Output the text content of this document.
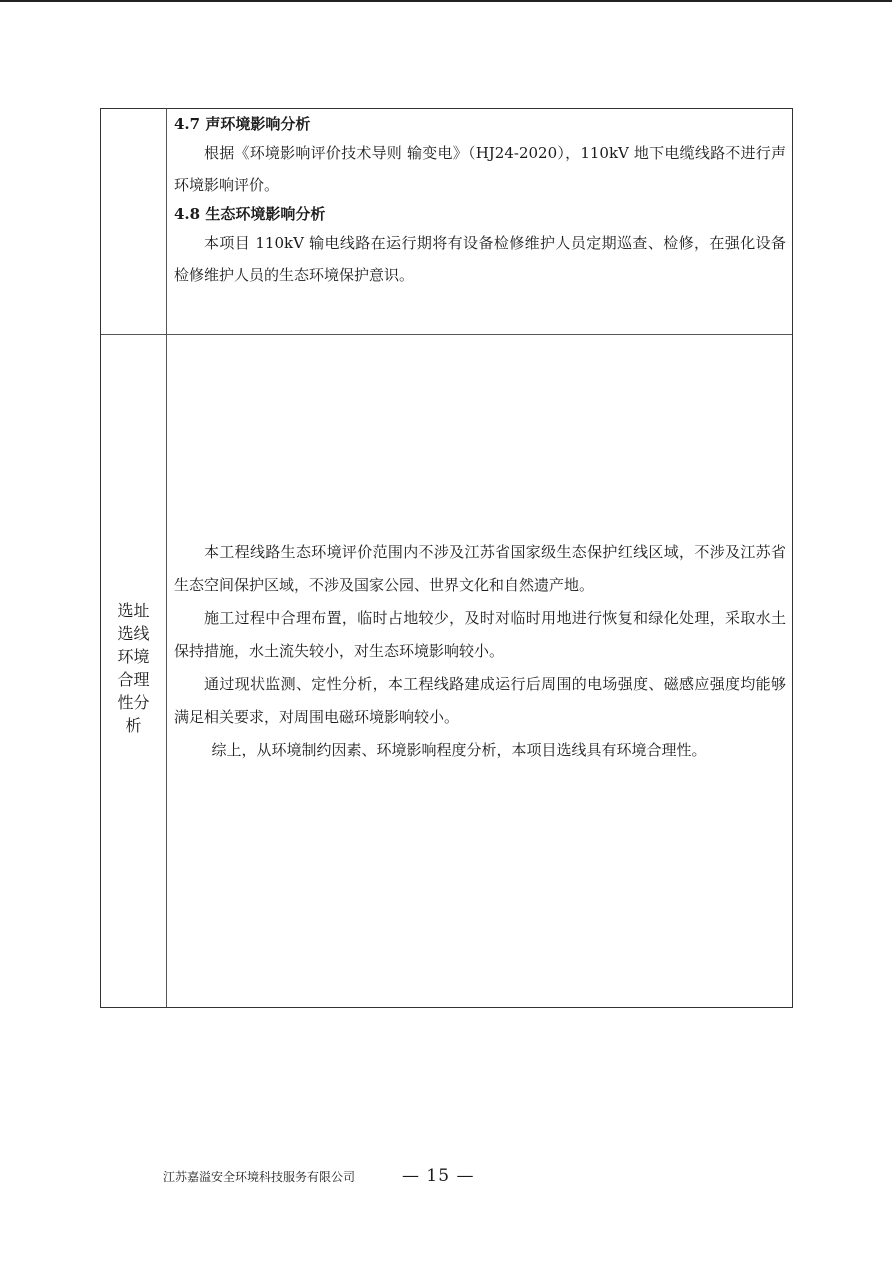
4.7 声环境影响分析

根据《环境影响评价技术导则 输变电》（HJ24-2020），110kV 地下电缆线路不进行声环境影响评价。

4.8 生态环境影响分析

本项目 110kV 输电线路在运行期将有设备检修维护人员定期巡查、检修，在强化设备检修维护人员的生态环境保护意识。

选址
选线
环境
合理
性分
析

本工程线路生态环境评价范围内不涉及江苏省国家级生态保护红线区域，不涉及江苏省生态空间保护区域，不涉及国家公园、世界文化和自然遗产地。

施工过程中合理布置，临时占地较少，及时对临时用地进行恢复和绿化处理，采取水土保持措施，水土流失较小，对生态环境影响较小。

通过现状监测、定性分析，本工程线路建成运行后周围的电场强度、磁感应强度均能够满足相关要求，对周围电磁环境影响较小。

综上，从环境制约因素、环境影响程度分析，本项目选线具有环境合理性。

江苏嘉溢安全环境科技服务有限公司	— 15 —
